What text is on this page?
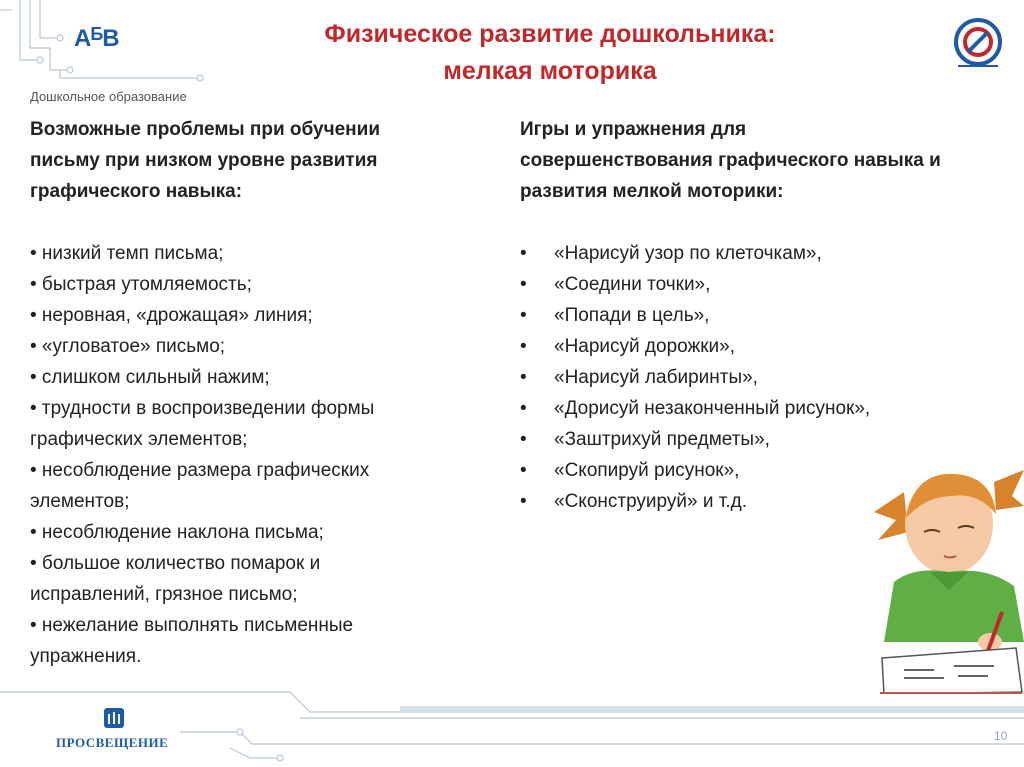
$А^БВ$
Дошкольное образование
Физическое развитие дошкольника:
мелкая моторика
Возможные проблемы при обучении
письму при низком уровне развития
графического навыка:
• низкий темп письма;
• быстрая утомляемость;
• неровная, «дрожащая» линия;
• «угловатое» письмо;
• слишком сильный нажим;
• трудности в воспроизведении формы
графических элементов;
• несоблюдение размера графических
элементов;
• несоблюдение наклона письма;
• большое количество помарок и
исправлений, грязное письмо;
• нежелание выполнять письменные
упражнения.
Игры и упражнения для
совершенствования графического навыка и
развития мелкой моторики:
•	«Нарисуй узор по клеточкам»,
•	«Соедини точки»,
•	«Попади в цель»,
•	«Нарисуй дорожки»,
•	«Нарисуй лабиринты»,
•	«Дорисуй незаконченный рисунок»,
•	«Заштрихуй предметы»,
•	«Скопируй рисунок»,
•	«Сконструируй» и т.д.
ПРОСВЕЩЕНИЕ	10
